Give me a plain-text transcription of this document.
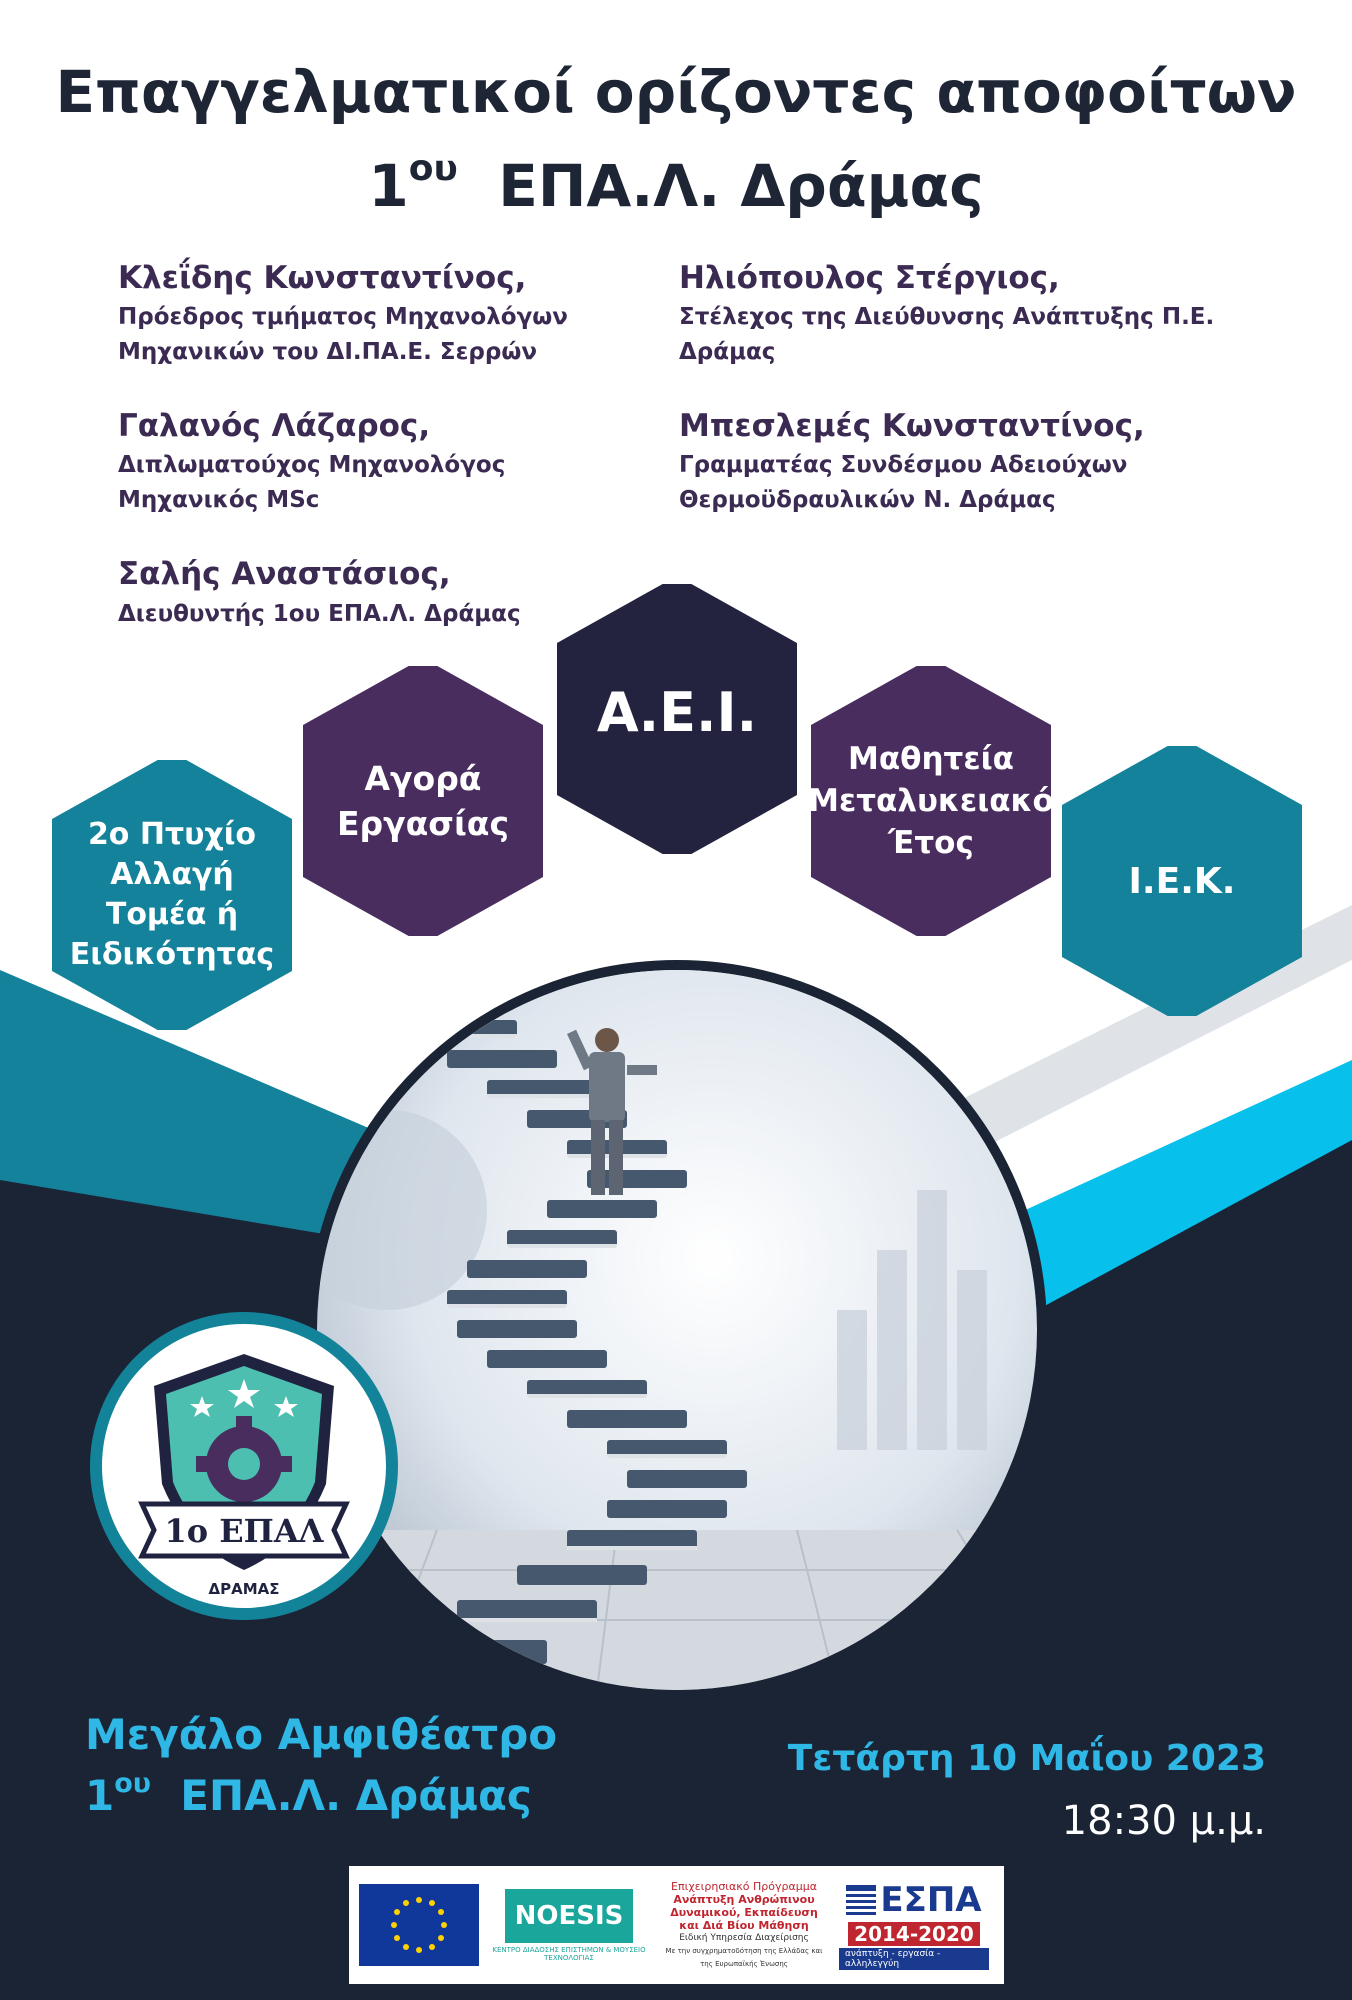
Επαγγελματικοί ορίζοντες αποφοίτων
$1^{o\upsilon}$ ΕΠΑ.Λ. Δράμας
Κλεΐδης Κωνσταντίνος,
Πρόεδρος τμήματος Μηχανολόγων
Μηχανικών του ΔΙ.ΠΑ.Ε. Σερρών
Ηλιόπουλος Στέργιος,
Στέλεχος της Διεύθυνσης Ανάπτυξης Π.Ε.
Δράμας
Γαλανός Λάζαρος,
Διπλωματούχος Μηχανολόγος
Μηχανικός MSc
Μπεσλεμές Κωνσταντίνος,
Γραμματέας Συνδέσμου Αδειούχων
Θερμοϋδραυλικών Ν. Δράμας
Σαλής Αναστάσιος,
Διευθυντής 1ου ΕΠΑ.Λ. Δράμας
2ο Πτυχίο
Αλλαγή
Τομέα ή
Ειδικότητας
Αγορά
Εργασίας
Α.Ε.Ι.
Μαθητεία
Μεταλυκειακό
Έτος
Ι.Ε.Κ.
1ο ΕΠΑΛ
ΔΡΑΜΑΣ
Μεγάλο Αμφιθέατρο
$1^{o\upsilon}$ ΕΠΑ.Λ. Δράμας
Τετάρτη 10 Μαΐου 2023
18:30 μ.μ.
NOESIS
ΚΕΝΤΡΟ ΔΙΑΔΟΣΗΣ ΕΠΙΣΤΗΜΩΝ & ΜΟΥΣΕΙΟ ΤΕΧΝΟΛΟΓΙΑΣ
Επιχειρησιακό Πρόγραμμα
Ανάπτυξη Ανθρώπινου Δυναμικού, Εκπαίδευση και Διά Βίου Μάθηση
Ειδική Υπηρεσία Διαχείρισης
Με την συγχρηματοδότηση της Ελλάδας και της Ευρωπαϊκής Ένωσης
ΕΣΠΑ
2014-2020
ανάπτυξη - εργασία - αλληλεγγύη
